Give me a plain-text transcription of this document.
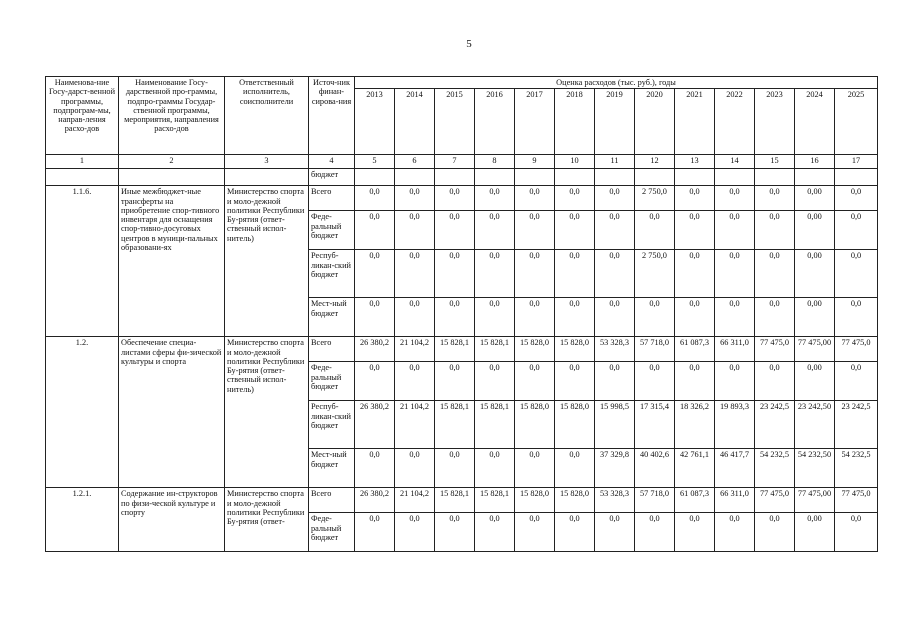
5
Наименова-ние Госу-дарст-венной программы, подпрограм-мы, направ-ления расхо-дов	Наименование Госу-дарственной про-граммы, подпро-граммы Государ-ственной программы, мероприятия, направления расхо-дов	Ответственный исполнитель, соисполнители	Источ-ник финан-сирова-ния	Оценка расходов (тыс. руб.), годы												
				2013	2014	2015	2016	2017	2018	2019	2020	2021	2022	2023	2024	2025
1	2	3	4	5	6	7	8	9	10	11	12	13	14	15	16	17
			бюджет													
1.1.6.	Иные межбюджет-ные трансферты на приобретение спор-тивного инвентаря для оснащения спор-тивно-досуговых центров в муници-пальных образовани-ях	Министерство спорта и моло-дежной политики Республики Бу-рятия (ответ-ственный испол-нитель)	Всего	0,0	0,0	0,0	0,0	0,0	0,0	0,0	2 750,0	0,0	0,0	0,0	0,00	0,0
			Феде-ральный бюджет	0,0	0,0	0,0	0,0	0,0	0,0	0,0	0,0	0,0	0,0	0,0	0,00	0,0
			Респуб-ликан-ский бюджет	0,0	0,0	0,0	0,0	0,0	0,0	0,0	2 750,0	0,0	0,0	0,0	0,00	0,0
			Мест-ный бюджет	0,0	0,0	0,0	0,0	0,0	0,0	0,0	0,0	0,0	0,0	0,0	0,00	0,0
1.2.	Обеспечение специа-листами сферы фи-зической культуры и спорта	Министерство спорта и моло-дежной политики Республики Бу-рятия (ответ-ственный испол-нитель)	Всего	26 380,2	21 104,2	15 828,1	15 828,1	15 828,0	15 828,0	53 328,3	57 718,0	61 087,3	66 311,0	77 475,0	77 475,00	77 475,0
			Феде-ральный бюджет	0,0	0,0	0,0	0,0	0,0	0,0	0,0	0,0	0,0	0,0	0,0	0,00	0,0
			Респуб-ликан-ский бюджет	26 380,2	21 104,2	15 828,1	15 828,1	15 828,0	15 828,0	15 998,5	17 315,4	18 326,2	19 893,3	23 242,5	23 242,50	23 242,5
			Мест-ный бюджет	0,0	0,0	0,0	0,0	0,0	0,0	37 329,8	40 402,6	42 761,1	46 417,7	54 232,5	54 232,50	54 232,5
1.2.1.	Содержание ин-структоров по физи-ческой культуре и спорту	Министерство спорта и моло-дежной политики Республики Бу-рятия (ответ-	Всего	26 380,2	21 104,2	15 828,1	15 828,1	15 828,0	15 828,0	53 328,3	57 718,0	61 087,3	66 311,0	77 475,0	77 475,00	77 475,0
			Феде-ральный бюджет	0,0	0,0	0,0	0,0	0,0	0,0	0,0	0,0	0,0	0,0	0,0	0,00	0,0
